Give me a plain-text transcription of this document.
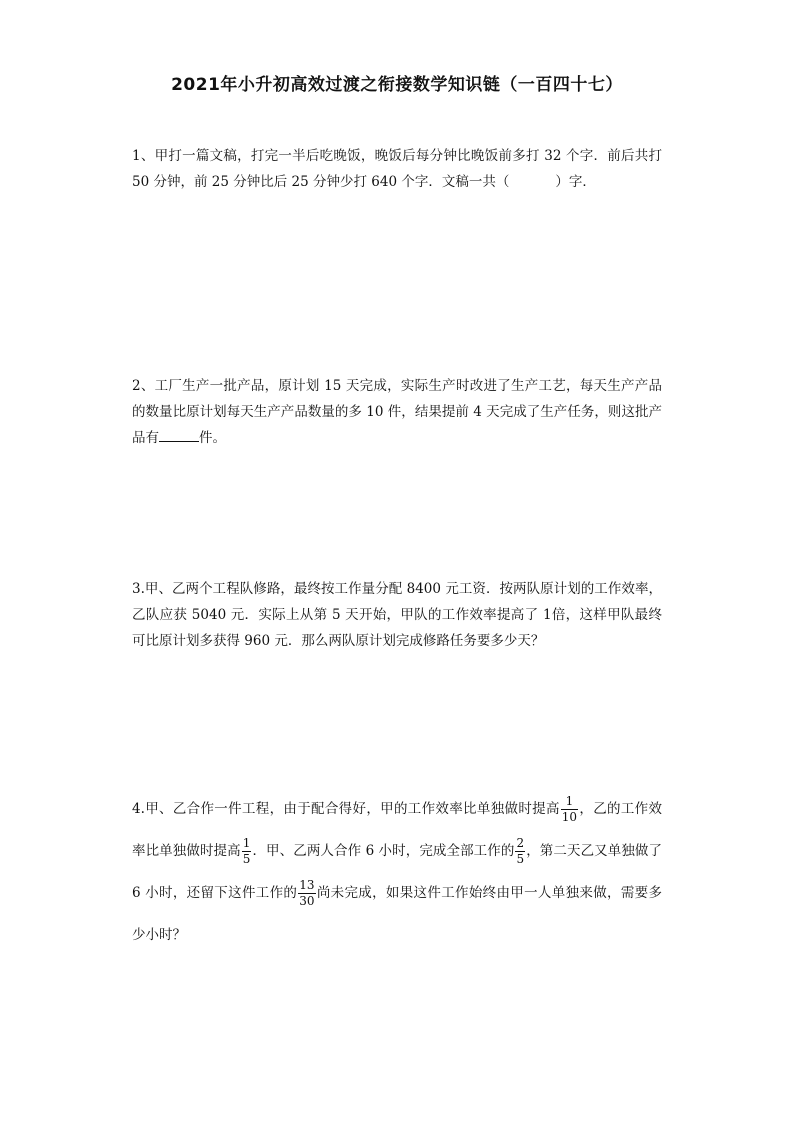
2021年小升初高效过渡之衔接数学知识链（一百四十七）
1、甲打一篇文稿，打完一半后吃晚饭，晚饭后每分钟比晚饭前多打 32 个字．前后共打 50 分钟，前 25 分钟比后 25 分钟少打 640 个字．文稿一共（	）字．
2、工厂生产一批产品，原计划 15 天完成，实际生产时改进了生产工艺，每天生产产品的数量比原计划每天生产产品数量的多 10 件，结果提前 4 天完成了生产任务，则这批产品有	件。
3.甲、乙两个工程队修路，最终按工作量分配 8400 元工资．按两队原计划的工作效率，乙队应获 5040 元．实际上从第 5 天开始，甲队的工作效率提高了 1倍，这样甲队最终可比原计划多获得 960 元．那么两队原计划完成修路任务要多少天？
4.甲、乙合作一件工程，由于配合得好，甲的工作效率比单独做时提高 $\frac{1}{10}$ ，乙的工作效率比单独做时提高 $\frac{1}{5}$ ．甲、乙两人合作 6 小时，完成全部工作的 $\frac{2}{5}$ ，第二天乙又单独做了 6 小时，还留下这件工作的 $\frac{13}{30}$ 尚未完成，如果这件工作始终由甲一人单独来做，需要多少小时？
